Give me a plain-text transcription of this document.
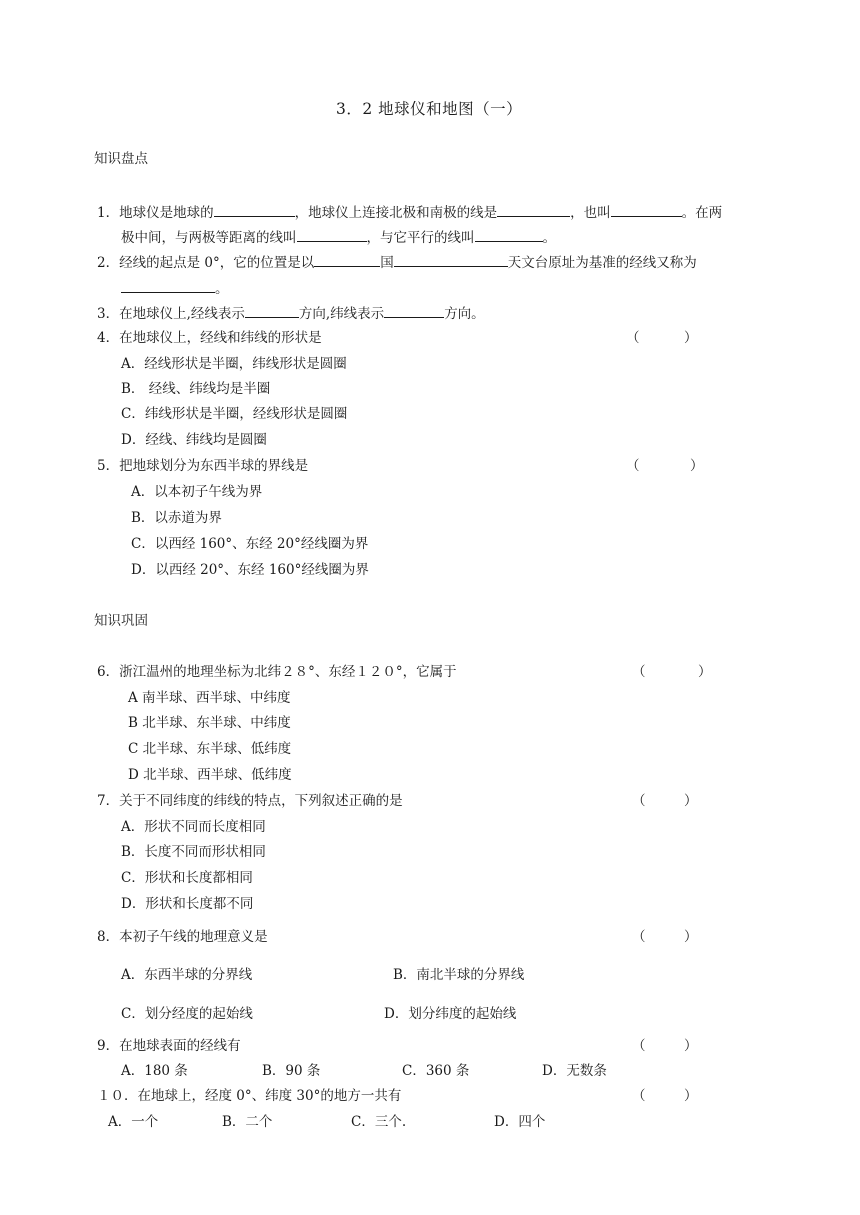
3．2 地球仪和地图（一）
知识盘点
1．地球仪是地球的	，地球仪上连接北极和南极的线是	，也叫	。在两
极中间，与两极等距离的线叫	，与它平行的线叫	。
2．经线的起点是 0°，它的位置是以	国	天文台原址为基准的经线又称为
。
3．在地球仪上,经线表示	方向,纬线表示	方向。
4．在地球仪上，经线和纬线的形状是	（	）
A．经线形状是半圈，纬线形状是圆圈
B． 经线、纬线均是半圈
C．纬线形状是半圈，经线形状是圆圈
D．经线、纬线均是圆圈
5．把地球划分为东西半球的界线是	（	）
A．以本初子午线为界
B．以赤道为界
C．以西经 160°、东经 20°经线圈为界
D．以西经 20°、东经 160°经线圈为界
知识巩固
6．浙江温州的地理坐标为北纬２８°、东经１２０°，它属于	（	）
A 南半球、西半球、中纬度
B 北半球、东半球、中纬度
C 北半球、东半球、低纬度
D 北半球、西半球、低纬度
7．关于不同纬度的纬线的特点，下列叙述正确的是	（	）
A．形状不同而长度相同
B．长度不同而形状相同
C．形状和长度都相同
D．形状和长度都不同
8．本初子午线的地理意义是	（	）
A．东西半球的分界线	B．南北半球的分界线
C．划分经度的起始线	D．划分纬度的起始线
9．在地球表面的经线有	（	）
A．180 条	B．90 条	C．360 条	D．无数条
１０．在地球上，经度 0°、纬度 30°的地方一共有	（	）
A．一个	B．二个	C．三个.	D．四个
